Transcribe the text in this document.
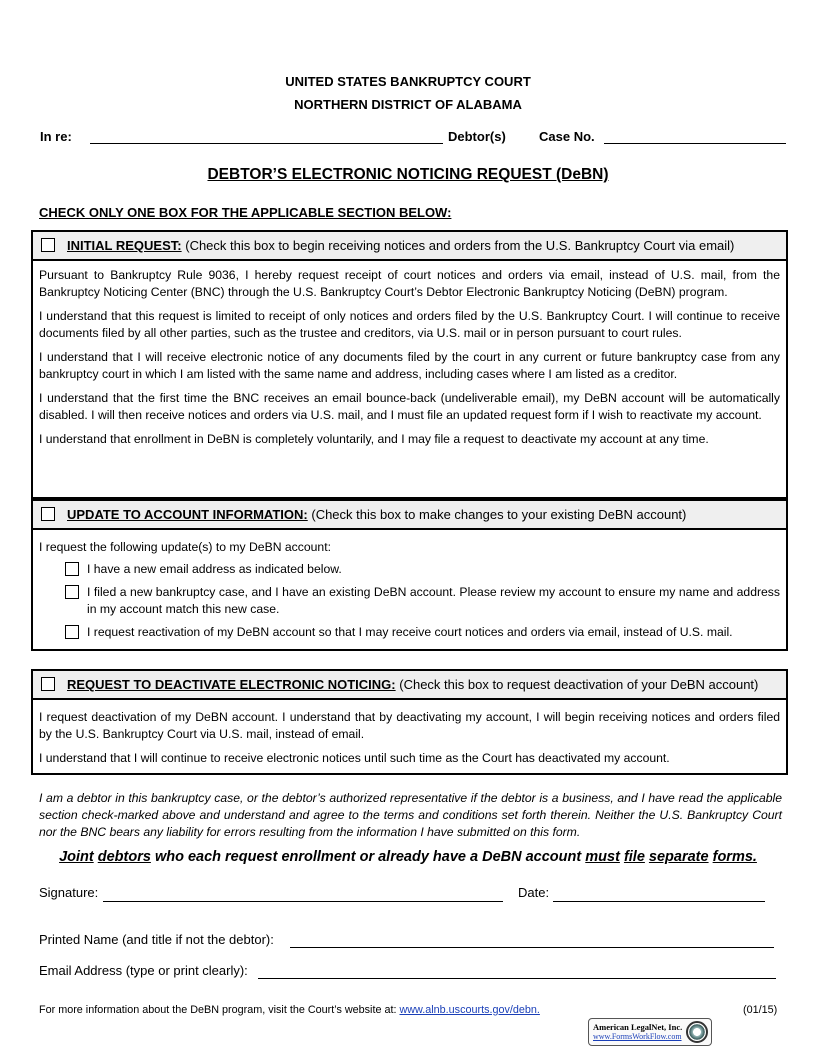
UNITED STATES BANKRUPTCY COURT
NORTHERN DISTRICT OF ALABAMA
In re:	Debtor(s)	Case No.
DEBTOR’S ELECTRONIC NOTICING REQUEST (DeBN)
CHECK ONLY ONE BOX FOR THE APPLICABLE SECTION BELOW:
INITIAL REQUEST: (Check this box to begin receiving notices and orders from the U.S. Bankruptcy Court via email)

Pursuant to Bankruptcy Rule 9036, I hereby request receipt of court notices and orders via email, instead of U.S. mail, from the Bankruptcy Noticing Center (BNC) through the U.S. Bankruptcy Court’s Debtor Electronic Bankruptcy Noticing (DeBN) program.

I understand that this request is limited to receipt of only notices and orders filed by the U.S. Bankruptcy Court. I will continue to receive documents filed by all other parties, such as the trustee and creditors, via U.S. mail or in person pursuant to court rules.

I understand that I will receive electronic notice of any documents filed by the court in any current or future bankruptcy case from any bankruptcy court in which I am listed with the same name and address, including cases where I am listed as a creditor.

I understand that the first time the BNC receives an email bounce-back (undeliverable email), my DeBN account will be automatically disabled. I will then receive notices and orders via U.S. mail, and I must file an updated request form if I wish to reactivate my account.

I understand that enrollment in DeBN is completely voluntarily, and I may file a request to deactivate my account at any time.

UPDATE TO ACCOUNT INFORMATION: (Check this box to make changes to your existing DeBN account)

I request the following update(s) to my DeBN account:

I have a new email address as indicated below.
I filed a new bankruptcy case, and I have an existing DeBN account. Please review my account to ensure my name and address in my account match this new case.
I request reactivation of my DeBN account so that I may receive court notices and orders via email, instead of U.S. mail.
REQUEST TO DEACTIVATE ELECTRONIC NOTICING: (Check this box to request deactivation of your DeBN account)

I request deactivation of my DeBN account. I understand that by deactivating my account, I will begin receiving notices and orders filed by the U.S. Bankruptcy Court via U.S. mail, instead of email.

I understand that I will continue to receive electronic notices until such time as the Court has deactivated my account.

I am a debtor in this bankruptcy case, or the debtor’s authorized representative if the debtor is a business, and I have read the applicable section check-marked above and understand and agree to the terms and conditions set forth therein. Neither the U.S. Bankruptcy Court nor the BNC bears any liability for errors resulting from the information I have submitted on this form.
Joint debtors who each request enrollment or already have a DeBN account must file separate forms.
Signature:	Date:
Printed Name (and title if not the debtor):
Email Address (type or print clearly):
For more information about the DeBN program, visit the Court’s website at: www.alnb.uscourts.gov/debn.	(01/15)
American LegalNet, Inc.
www.FormsWorkFlow.com
